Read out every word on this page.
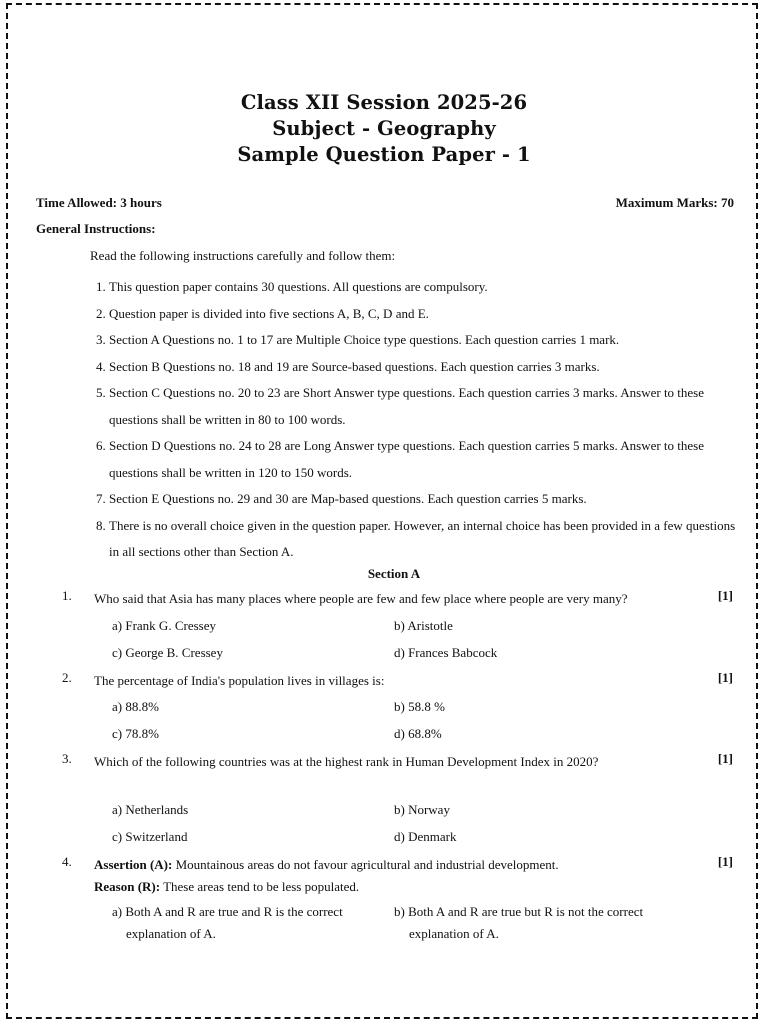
Class XII Session 2025-26
Subject - Geography
Sample Question Paper - 1
Time Allowed: 3 hours	Maximum Marks: 70
General Instructions:
Read the following instructions carefully and follow them:
1. This question paper contains 30 questions. All questions are compulsory.
2. Question paper is divided into five sections A, B, C, D and E.
3. Section A Questions no. 1 to 17 are Multiple Choice type questions. Each question carries 1 mark.
4. Section B Questions no. 18 and 19 are Source-based questions. Each question carries 3 marks.
5. Section C Questions no. 20 to 23 are Short Answer type questions. Each question carries 3 marks. Answer to these questions shall be written in 80 to 100 words.
6. Section D Questions no. 24 to 28 are Long Answer type questions. Each question carries 5 marks. Answer to these questions shall be written in 120 to 150 words.
7. Section E Questions no. 29 and 30 are Map-based questions. Each question carries 5 marks.
8. There is no overall choice given in the question paper. However, an internal choice has been provided in a few questions in all sections other than Section A.
Section A
1. Who said that Asia has many places where people are few and few place where people are very many?	[1]
a) Frank G. Cressey	b) Aristotle
c) George B. Cressey	d) Frances Babcock
2. The percentage of India's population lives in villages is:	[1]
a) 88.8%	b) 58.8 %
c) 78.8%	d) 68.8%
3. Which of the following countries was at the highest rank in Human Development Index in 2020?	[1]
a) Netherlands	b) Norway
c) Switzerland	d) Denmark
4. Assertion (A): Mountainous areas do not favour agricultural and industrial development.
Reason (R): These areas tend to be less populated.
[1]
a) Both A and R are true and R is the correct explanation of A.
b) Both A and R are true but R is not the correct explanation of A.
